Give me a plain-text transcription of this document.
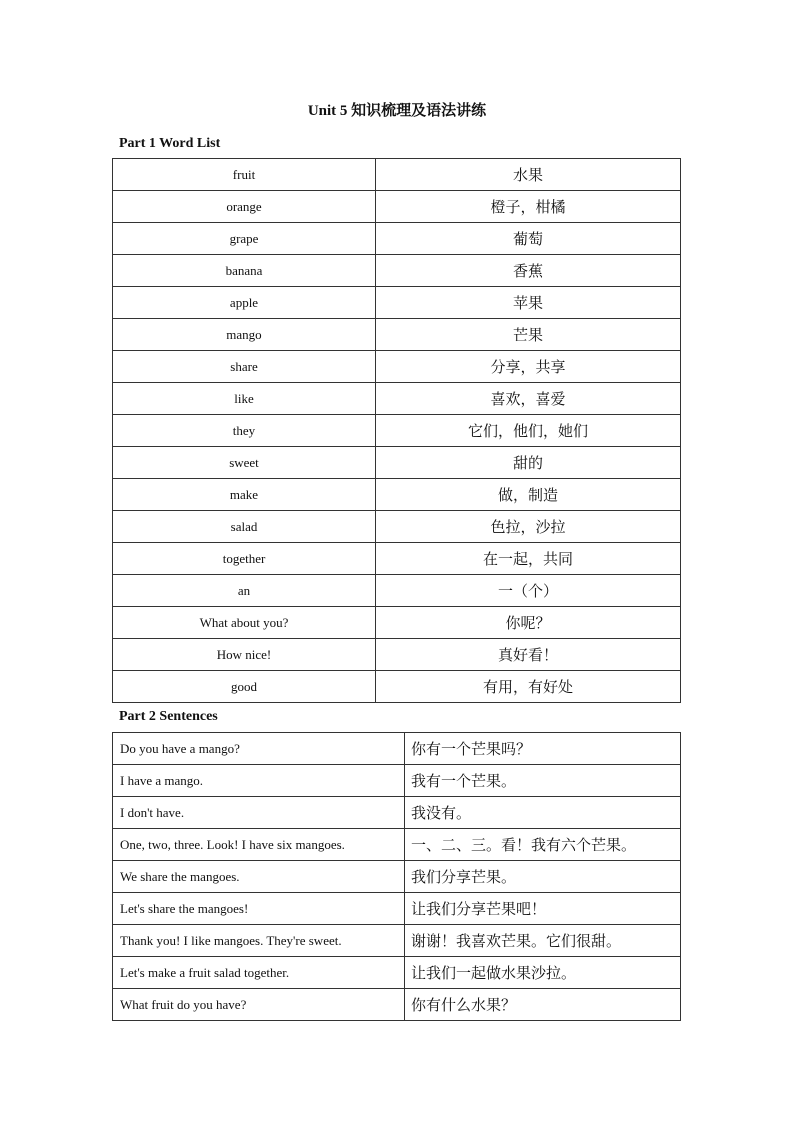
Unit 5 知识梳理及语法讲练
Part 1 Word List
fruit	水果
orange	橙子，柑橘
grape	葡萄
banana	香蕉
apple	苹果
mango	芒果
share	分享，共享
like	喜欢，喜爱
they	它们，他们，她们
sweet	甜的
make	做，制造
salad	色拉，沙拉
together	在一起，共同
an	一（个）
What about you?	你呢？
How nice!	真好看！
good	有用，有好处
Part 2 Sentences
Do you have a mango?	你有一个芒果吗？
I have a mango.	我有一个芒果。
I don't have.	我没有。
One, two, three. Look! I have six mangoes.	一、二、三。看！我有六个芒果。
We share the mangoes.	我们分享芒果。
Let's share the mangoes!	让我们分享芒果吧！
Thank you! I like mangoes. They're sweet.	谢谢！我喜欢芒果。它们很甜。
Let's make a fruit salad together.	让我们一起做水果沙拉。
What fruit do you have?	你有什么水果？
